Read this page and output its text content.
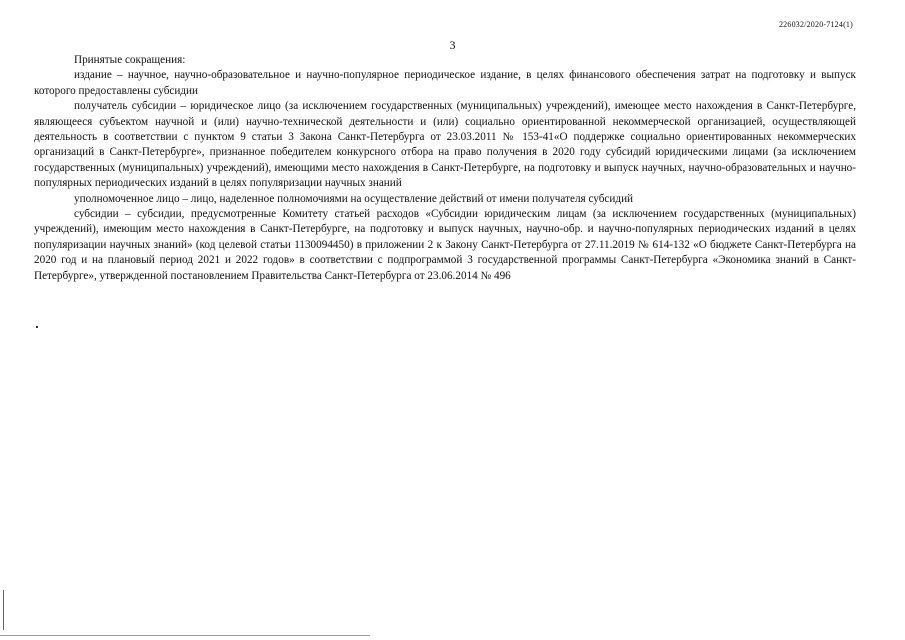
226032/2020-7124(1)
3

Принятые сокращения:

издание – научное, научно-образовательное и научно-популярное периодическое издание, в целях финансового обеспечения затрат на подготовку и выпуск которого предоставлены субсидии

получатель субсидии – юридическое лицо (за исключением государственных (муниципальных) учреждений), имеющее место нахождения в Санкт-Петербурге, являющееся субъектом научной и (или) научно-технической деятельности и (или) социально ориентированной некоммерческой организацией, осуществляющей деятельность в соответствии с пунктом 9 статьи 3 Закона Санкт-Петербурга от 23.03.2011 № 153-41«О поддержке социально ориентированных некоммерческих организаций в Санкт-Петербурге», признанное победителем конкурсного отбора на право получения в 2020 году субсидий юридическими лицами (за исключением государственных (муниципальных) учреждений), имеющими место нахождения в Санкт-Петербурге, на подготовку и выпуск научных, научно-образовательных и научно-популярных периодических изданий в целях популяризации научных знаний

уполномоченное лицо – лицо, наделенное полномочиями на осуществление действий от имени получателя субсидий

субсидии – субсидии, предусмотренные Комитету статьей расходов «Субсидии юридическим лицам (за исключением государственных (муниципальных) учреждений), имеющим место нахождения в Санкт-Петербурге, на подготовку и выпуск научных, научно-обр. и научно-популярных периодических изданий в целях популяризации научных знаний» (код целевой статьи 1130094450) в приложении 2 к Закону Санкт-Петербурга от 27.11.2019 № 614-132 «О бюджете Санкт-Петербурга на 2020 год и на плановый период 2021 и 2022 годов» в соответствии с подпрограммой 3 государственной программы Санкт-Петербурга «Экономика знаний в Санкт-Петербурге», утвержденной постановлением Правительства Санкт-Петербурга от 23.06.2014 № 496
